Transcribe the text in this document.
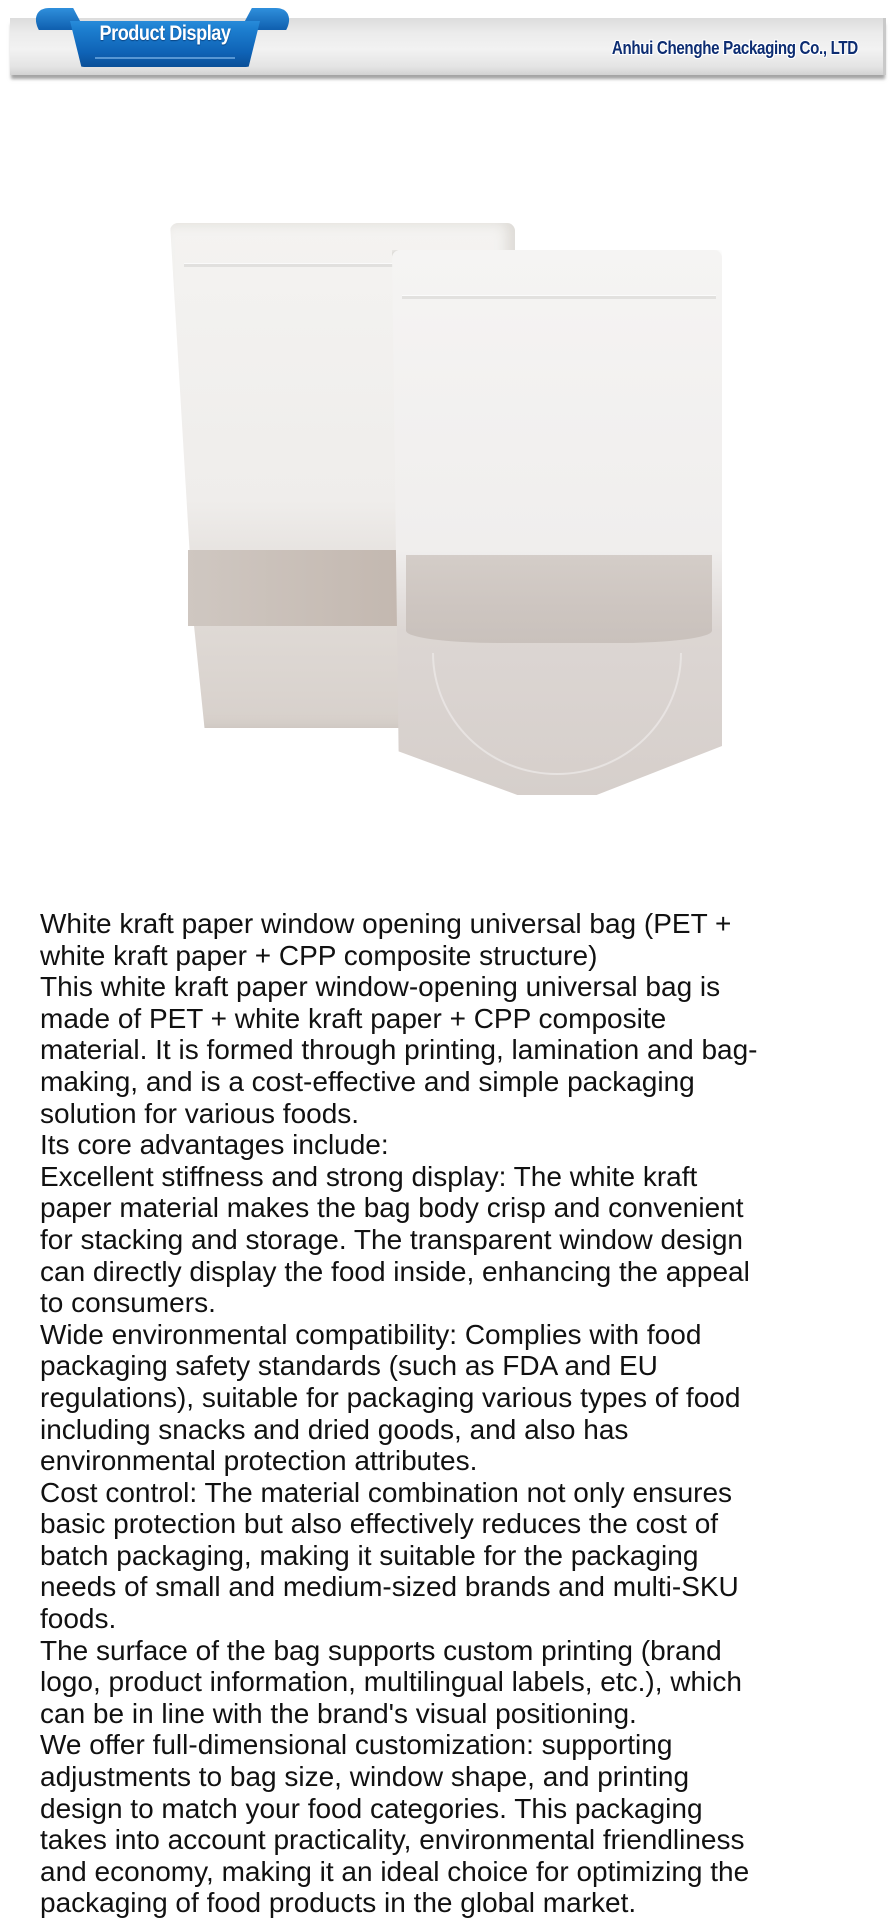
Product Display
Anhui Chenghe Packaging Co., LTD
White kraft paper window opening universal bag (PET +
white kraft paper + CPP composite structure)
This white kraft paper window-opening universal bag is
made of PET + white kraft paper + CPP composite
material. It is formed through printing, lamination and bag-
making, and is a cost-effective and simple packaging
solution for various foods.
Its core advantages include:
Excellent stiffness and strong display: The white kraft
paper material makes the bag body crisp and convenient
for stacking and storage. The transparent window design
can directly display the food inside, enhancing the appeal
to consumers.
Wide environmental compatibility: Complies with food
packaging safety standards (such as FDA and EU
regulations), suitable for packaging various types of food
including snacks and dried goods, and also has
environmental protection attributes.
Cost control: The material combination not only ensures
basic protection but also effectively reduces the cost of
batch packaging, making it suitable for the packaging
needs of small and medium-sized brands and multi-SKU
foods.
The surface of the bag supports custom printing (brand
logo, product information, multilingual labels, etc.), which
can be in line with the brand's visual positioning.
We offer full-dimensional customization: supporting
adjustments to bag size, window shape, and printing
design to match your food categories. This packaging
takes into account practicality, environmental friendliness
and economy, making it an ideal choice for optimizing the
packaging of food products in the global market.
